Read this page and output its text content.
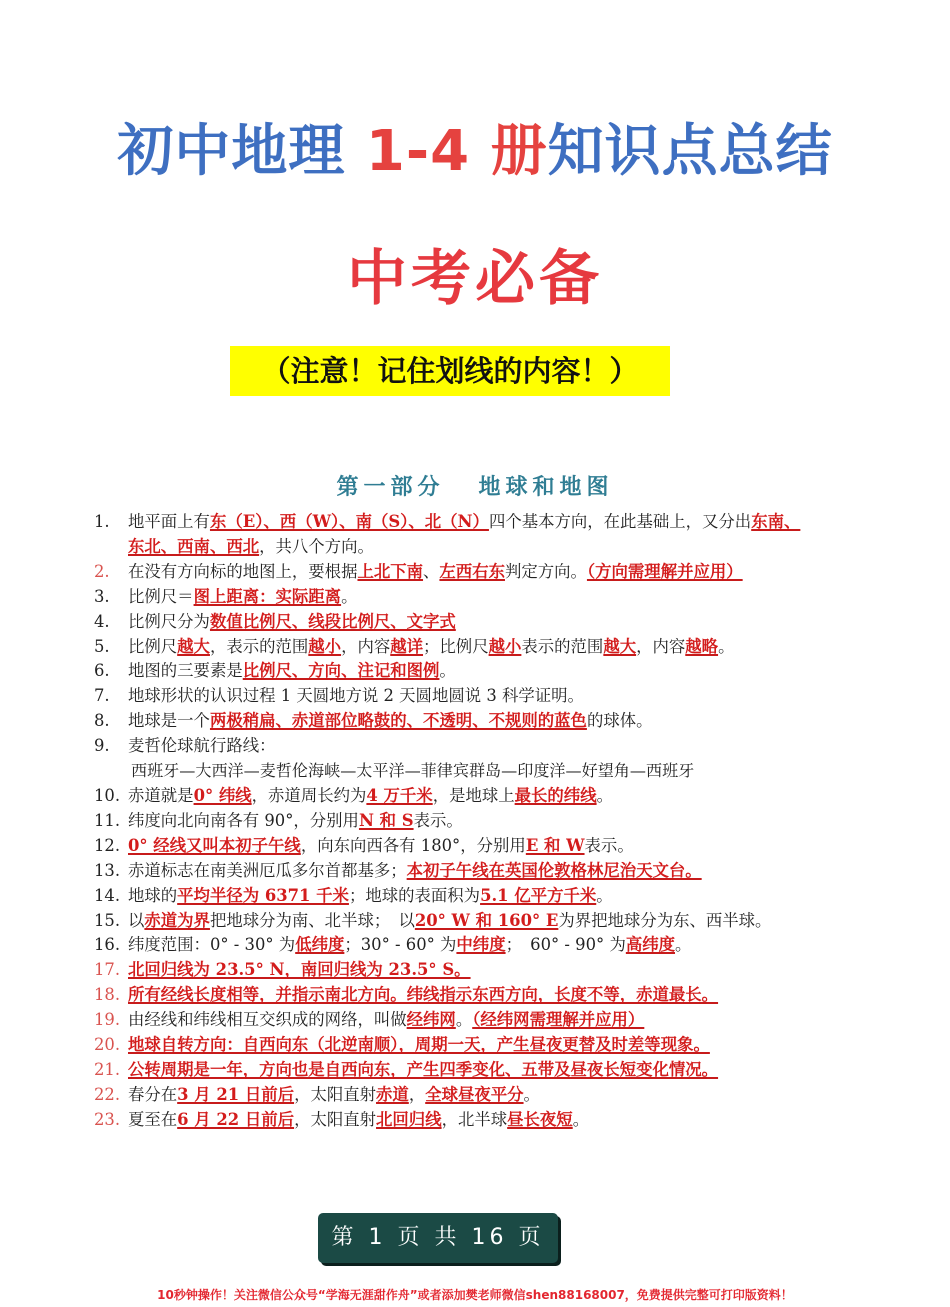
初中地理 1-4 册知识点总结
中考必备
（注意！记住划线的内容！）
第一部分 地球和地图
1. 地平面上有东（E）、西（W）、南（S）、北（N）四个基本方向，在此基础上，又分出东南、东北、西南、西北，共八个方向。
2. 在没有方向标的地图上，要根据上北下南、左西右东判定方向。（方向需理解并应用）
3. 比例尺＝图上距离：实际距离。
4. 比例尺分为数值比例尺、线段比例尺、文字式
5. 比例尺越大，表示的范围越小，内容越详；比例尺越小表示的范围越大，内容越略。
6. 地图的三要素是比例尺、方向、注记和图例。
7. 地球形状的认识过程 1 天圆地方说 2 天圆地圆说 3 科学证明。
8. 地球是一个两极稍扁、赤道部位略鼓的、不透明、不规则的蓝色的球体。
9. 麦哲伦球航行路线：
西班牙—大西洋—麦哲伦海峡—太平洋—菲律宾群岛—印度洋—好望角—西班牙
10. 赤道就是0° 纬线，赤道周长约为4 万千米，是地球上最长的纬线。
11. 纬度向北向南各有 90°，分别用N 和 S表示。
12. 0° 经线又叫本初子午线，向东向西各有 180°，分别用E 和 W表示。
13. 赤道标志在南美洲厄瓜多尔首都基多；本初子午线在英国伦敦格林尼治天文台。
14. 地球的平均半径为 6371 千米；地球的表面积为5.1 亿平方千米。
15. 以赤道为界把地球分为南、北半球；　以20° W 和 160° E为界把地球分为东、西半球。
16. 纬度范围：0° - 30° 为低纬度；30° - 60° 为中纬度；　60° - 90° 为高纬度。
17. 北回归线为 23.5° N，南回归线为 23.5° S。
18. 所有经线长度相等，并指示南北方向。纬线指示东西方向，长度不等，赤道最长。
19. 由经线和纬线相互交织成的网络，叫做经纬网。（经纬网需理解并应用）
20. 地球自转方向：自西向东（北逆南顺），周期一天，产生昼夜更替及时差等现象。
21. 公转周期是一年，方向也是自西向东，产生四季变化、五带及昼夜长短变化情况。
22. 春分在3 月 21 日前后，太阳直射赤道，全球昼夜平分。
23. 夏至在6 月 22 日前后，太阳直射北回归线，北半球昼长夜短。
第 1 页 共 16 页

10秒钟操作！关注微信公众号“学海无涯甜作舟”或者添加樊老师微信shen88168007，免费提供完整可打印版资料！
